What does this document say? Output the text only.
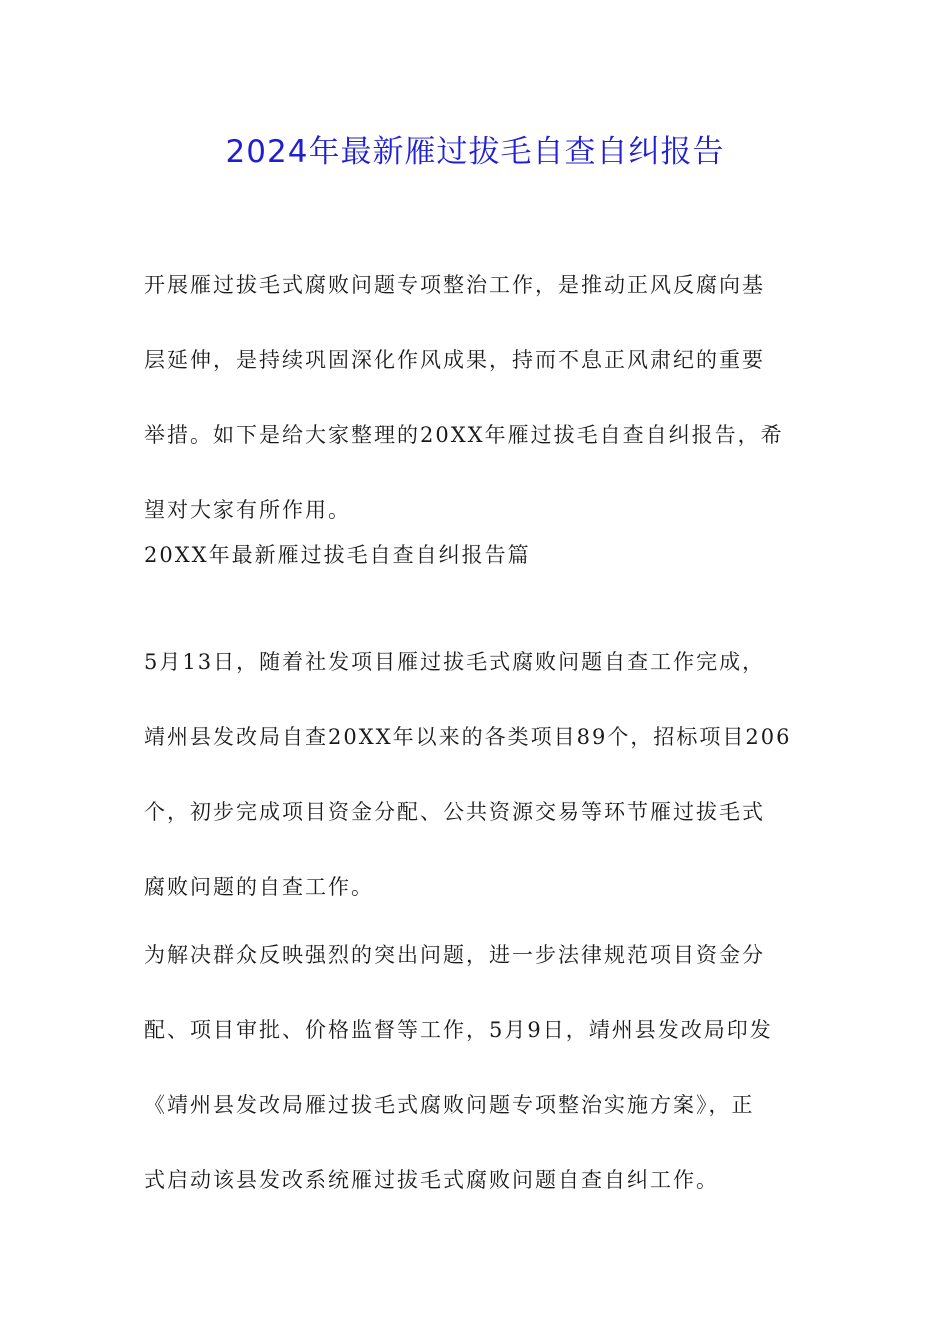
2024年最新雁过拔毛自查自纠报告

开展雁过拔毛式腐败问题专项整治工作，是推动正风反腐向基
层延伸，是持续巩固深化作风成果，持而不息正风肃纪的重要
举措。如下是给大家整理的20XX年雁过拔毛自查自纠报告，希
望对大家有所作用。

20XX年最新雁过拔毛自查自纠报告篇

5月13日，随着社发项目雁过拔毛式腐败问题自查工作完成，
靖州县发改局自查20XX年以来的各类项目89个，招标项目206
个，初步完成项目资金分配、公共资源交易等环节雁过拔毛式
腐败问题的自查工作。

为解决群众反映强烈的突出问题，进一步法律规范项目资金分
配、项目审批、价格监督等工作，5月9日，靖州县发改局印发
《靖州县发改局雁过拔毛式腐败问题专项整治实施方案》，正
式启动该县发改系统雁过拔毛式腐败问题自查自纠工作。
